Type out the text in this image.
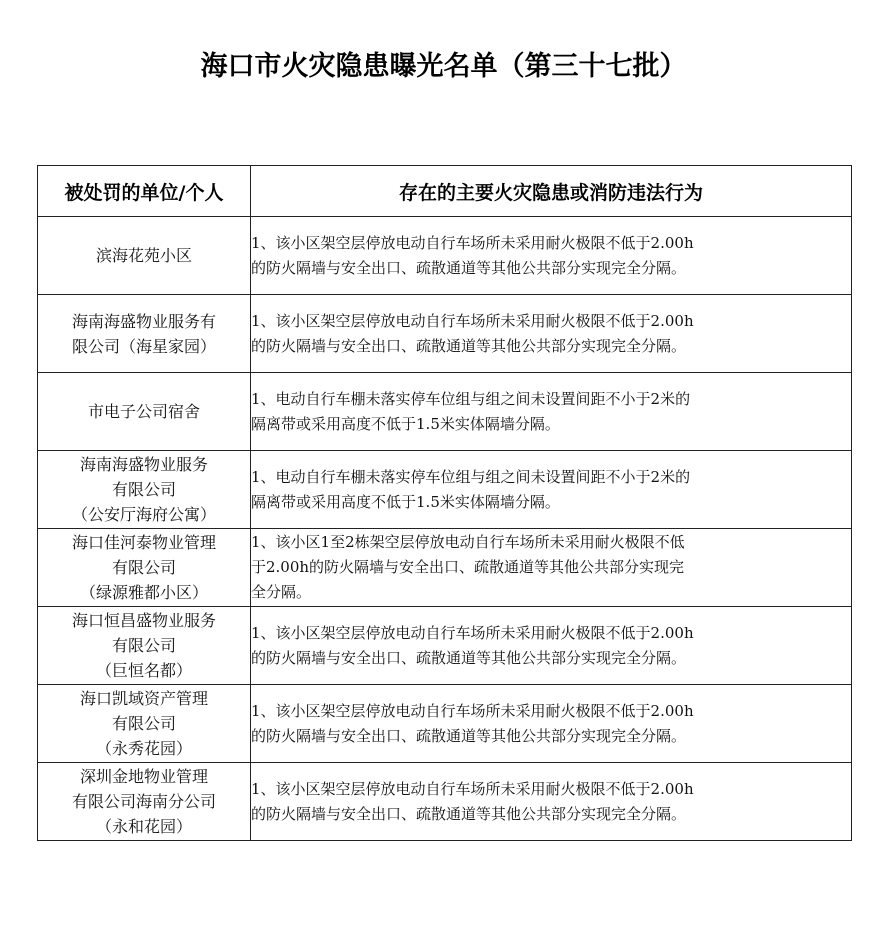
海口市火灾隐患曝光名单（第三十七批）
被处罚的单位/个人	存在的主要火灾隐患或消防违法行为

滨海花苑小区	1、该小区架空层停放电动自行车场所未采用耐火极限不低于2.00h
的防火隔墙与安全出口、疏散通道等其他公共部分实现完全分隔。

海南海盛物业服务有
限公司（海星家园）	1、该小区架空层停放电动自行车场所未采用耐火极限不低于2.00h
的防火隔墙与安全出口、疏散通道等其他公共部分实现完全分隔。

市电子公司宿舍	1、电动自行车棚未落实停车位组与组之间未设置间距不小于2米的
隔离带或采用高度不低于1.5米实体隔墙分隔。

海南海盛物业服务
有限公司
（公安厅海府公寓）	1、电动自行车棚未落实停车位组与组之间未设置间距不小于2米的
隔离带或采用高度不低于1.5米实体隔墙分隔。

海口佳河泰物业管理
有限公司
（绿源雅都小区）	1、该小区1至2栋架空层停放电动自行车场所未采用耐火极限不低
于2.00h的防火隔墙与安全出口、疏散通道等其他公共部分实现完
全分隔。

海口恒昌盛物业服务
有限公司
（巨恒名都）	1、该小区架空层停放电动自行车场所未采用耐火极限不低于2.00h
的防火隔墙与安全出口、疏散通道等其他公共部分实现完全分隔。

海口凯域资产管理
有限公司
（永秀花园）	1、该小区架空层停放电动自行车场所未采用耐火极限不低于2.00h
的防火隔墙与安全出口、疏散通道等其他公共部分实现完全分隔。

深圳金地物业管理
有限公司海南分公司
（永和花园）	1、该小区架空层停放电动自行车场所未采用耐火极限不低于2.00h
的防火隔墙与安全出口、疏散通道等其他公共部分实现完全分隔。
